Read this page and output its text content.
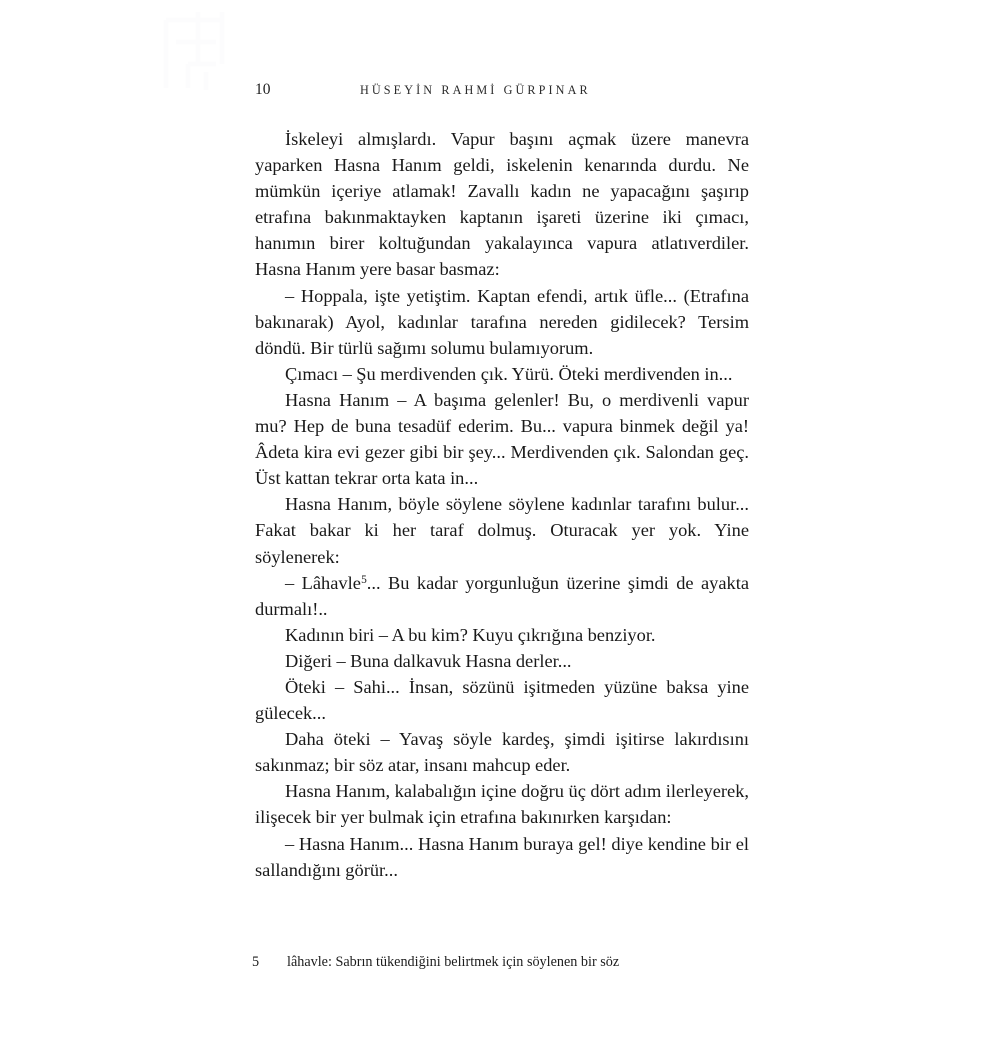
10	HÜSEYİN RAHMİ GÜRPINAR

İskeleyi almışlardı. Vapur başını açmak üzere manevra yaparken Hasna Hanım geldi, iskelenin kenarında durdu. Ne mümkün içeriye atlamak! Zavallı kadın ne yapacağını şaşırıp etrafına bakınmaktayken kaptanın işareti üzerine iki çımacı, hanımın birer koltuğundan yakalayınca vapura atlatıverdiler. Hasna Hanım yere basar basmaz:

– Hoppala, işte yetiştim. Kaptan efendi, artık üfle... (Etrafına bakınarak) Ayol, kadınlar tarafına nereden gidilecek? Tersim döndü. Bir türlü sağımı solumu bulamıyorum.

Çımacı – Şu merdivenden çık. Yürü. Öteki merdivenden in...

Hasna Hanım – A başıma gelenler! Bu, o merdivenli vapur mu? Hep de buna tesadüf ederim. Bu... vapura binmek değil ya! Âdeta kira evi gezer gibi bir şey... Merdivenden çık. Salondan geç. Üst kattan tekrar orta kata in...

Hasna Hanım, böyle söylene söylene kadınlar tarafını bulur... Fakat bakar ki her taraf dolmuş. Oturacak yer yok. Yine söylenerek:

– Lâhavle$^5$... Bu kadar yorgunluğun üzerine şimdi de ayakta durmalı!..

Kadının biri – A bu kim? Kuyu çıkrığına benziyor.

Diğeri – Buna dalkavuk Hasna derler...

Öteki – Sahi... İnsan, sözünü işitmeden yüzüne baksa yine gülecek...

Daha öteki – Yavaş söyle kardeş, şimdi işitirse lakırdısını sakınmaz; bir söz atar, insanı mahcup eder.

Hasna Hanım, kalabalığın içine doğru üç dört adım ilerleyerek, ilişecek bir yer bulmak için etrafına bakınırken karşıdan:

– Hasna Hanım... Hasna Hanım buraya gel! diye kendine bir el sallandığını görür...

5	lâhavle: Sabrın tükendiğini belirtmek için söylenen bir söz
